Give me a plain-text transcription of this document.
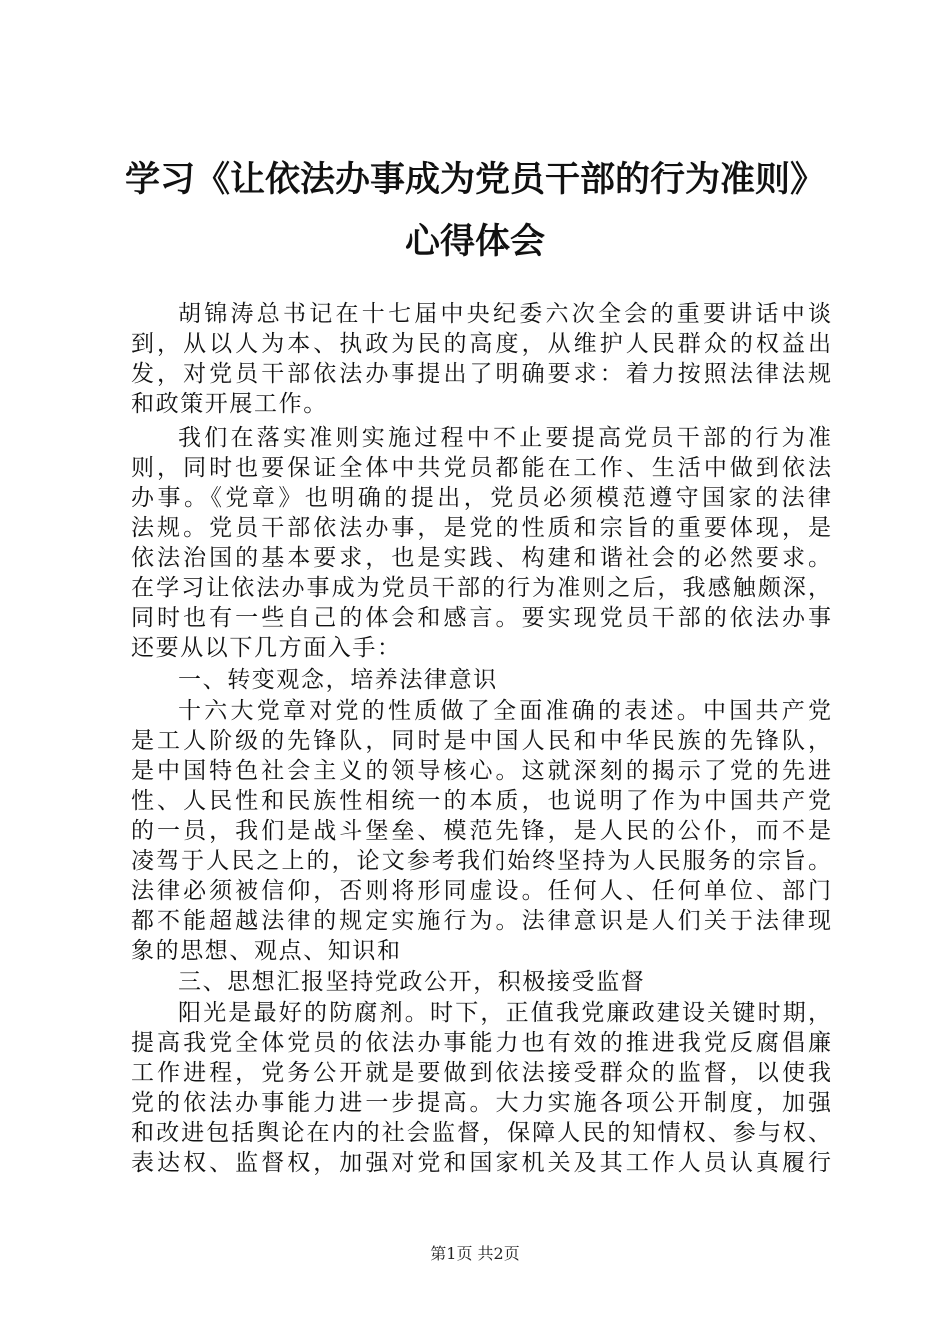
学习《让依法办事成为党员干部的行为准则》
心得体会
胡锦涛总书记在十七届中央纪委六次全会的重要讲话中谈
到，从以人为本、执政为民的高度，从维护人民群众的权益出
发，对党员干部依法办事提出了明确要求：着力按照法律法规
和政策开展工作。
我们在落实准则实施过程中不止要提高党员干部的行为准
则，同时也要保证全体中共党员都能在工作、生活中做到依法
办事。《党章》也明确的提出，党员必须模范遵守国家的法律
法规。党员干部依法办事，是党的性质和宗旨的重要体现，是
依法治国的基本要求，也是实践、构建和谐社会的必然要求。
在学习让依法办事成为党员干部的行为准则之后，我感触颇深，
同时也有一些自己的体会和感言。要实现党员干部的依法办事
还要从以下几方面入手：
一、转变观念，培养法律意识
十六大党章对党的性质做了全面准确的表述。中国共产党
是工人阶级的先锋队，同时是中国人民和中华民族的先锋队，
是中国特色社会主义的领导核心。这就深刻的揭示了党的先进
性、人民性和民族性相统一的本质，也说明了作为中国共产党
的一员，我们是战斗堡垒、模范先锋，是人民的公仆，而不是
凌驾于人民之上的，论文参考我们始终坚持为人民服务的宗旨。
法律必须被信仰，否则将形同虚设。任何人、任何单位、部门
都不能超越法律的规定实施行为。法律意识是人们关于法律现
象的思想、观点、知识和
三、思想汇报坚持党政公开，积极接受监督
阳光是最好的防腐剂。时下，正值我党廉政建设关键时期，
提高我党全体党员的依法办事能力也有效的推进我党反腐倡廉
工作进程，党务公开就是要做到依法接受群众的监督，以使我
党的依法办事能力进一步提高。大力实施各项公开制度，加强
和改进包括舆论在内的社会监督，保障人民的知情权、参与权、
表达权、监督权，加强对党和国家机关及其工作人员认真履行
第1页 共2页
